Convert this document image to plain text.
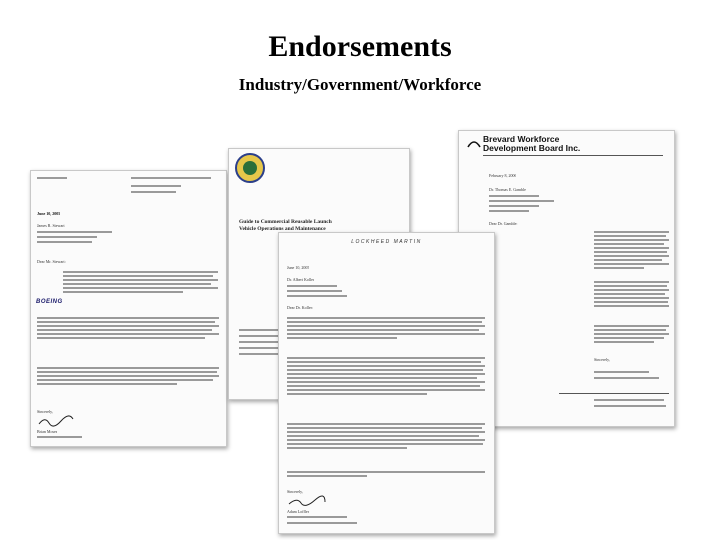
Endorsements
Industry/Government/Workforce
June 10, 2005
James R. Stewart
Dear Mr. Stewart:
BOEING
Sincerely,
Brian Moses
Guide to Commercial Reusable Launch Vehicle Operations and Maintenance
Brevard Workforce
Development Board Inc.
February 8, 2006
Dr. Thomas E. Gamble
Dear Dr. Gamble:
Sincerely,
LOCKHEED MARTIN
June 10, 2005
Dr. Albert Koller
Dear Dr. Koller:
Sincerely,
Adam Loffler
